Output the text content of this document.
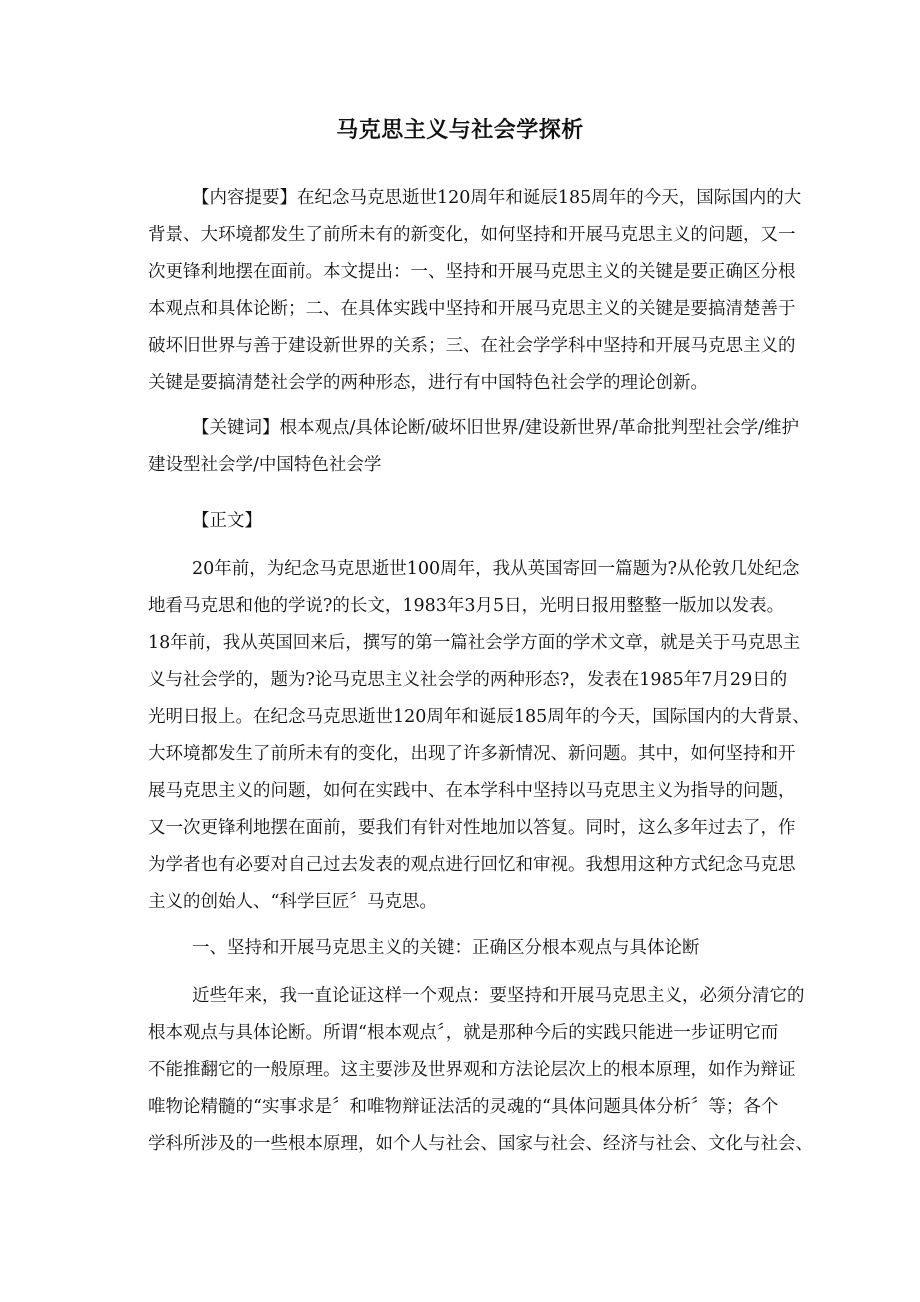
马克思主义与社会学探析
【内容提要】在纪念马克思逝世120周年和诞辰185周年的今天，国际国内的大
背景、大环境都发生了前所未有的新变化，如何坚持和开展马克思主义的问题，又一
次更锋利地摆在面前。本文提出：一、坚持和开展马克思主义的关键是要正确区分根
本观点和具体论断；二、在具体实践中坚持和开展马克思主义的关键是要搞清楚善于
破坏旧世界与善于建设新世界的关系；三、在社会学学科中坚持和开展马克思主义的
关键是要搞清楚社会学的两种形态，进行有中国特色社会学的理论创新。
【关键词】根本观点/具体论断/破坏旧世界/建设新世界/革命批判型社会学/维护
建设型社会学/中国特色社会学
【正文】
20年前，为纪念马克思逝世100周年，我从英国寄回一篇题为?从伦敦几处纪念
地看马克思和他的学说?的长文，1983年3月5日，光明日报用整整一版加以发表。
18年前，我从英国回来后，撰写的第一篇社会学方面的学术文章，就是关于马克思主
义与社会学的，题为?论马克思主义社会学的两种形态?，发表在1985年7月29日的
光明日报上。在纪念马克思逝世120周年和诞辰185周年的今天，国际国内的大背景、
大环境都发生了前所未有的变化，出现了许多新情况、新问题。其中，如何坚持和开
展马克思主义的问题，如何在实践中、在本学科中坚持以马克思主义为指导的问题，
又一次更锋利地摆在面前，要我们有针对性地加以答复。同时，这么多年过去了，作
为学者也有必要对自己过去发表的观点进行回忆和审视。我想用这种方式纪念马克思
主义的创始人、“科学巨匠〞马克思。
一、坚持和开展马克思主义的关键：正确区分根本观点与具体论断
近些年来，我一直论证这样一个观点：要坚持和开展马克思主义，必须分清它的
根本观点与具体论断。所谓“根本观点〞，就是那种今后的实践只能进一步证明它而
不能推翻它的一般原理。这主要涉及世界观和方法论层次上的根本原理，如作为辩证
唯物论精髓的“实事求是〞和唯物辩证法活的灵魂的“具体问题具体分析〞等；各个
学科所涉及的一些根本原理，如个人与社会、国家与社会、经济与社会、文化与社会、
